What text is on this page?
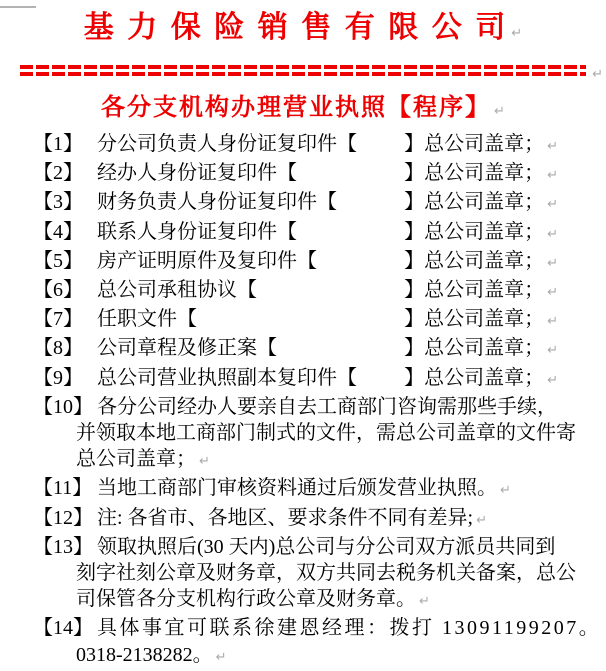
基 力 保 险 销 售 有 限 公 司 ↵
↵
各分支机构办理营业执照【程序】 ↵
【1】 分公司负责人身份证复印件【 】总公司盖章； ↵
【2】 经办人身份证复印件【	】总公司盖章； ↵
【3】 财务负责人身份证复印件【	】总公司盖章； ↵
【4】 联系人身份证复印件【	】总公司盖章； ↵
【5】 房产证明原件及复印件【	】总公司盖章； ↵
【6】 总公司承租协议【	】总公司盖章； ↵
【7】 任职文件【	】总公司盖章； ↵
【8】 公司章程及修正案【	】总公司盖章； ↵
【9】 总公司营业执照副本复印件【 】总公司盖章； ↵
【10】 各分公司经办人要亲自去工商部门咨询需那些手续，
并领取本地工商部门制式的文件，需总公司盖章的文件寄
总公司盖章； ↵
【11】 当地工商部门审核资料通过后颁发营业执照。 ↵
【12】 注: 各省市、各地区、要求条件不同有差异; ↵
【13】 领取执照后(30 天内)总公司与分公司双方派员共同到
刻字社刻公章及财务章，双方共同去税务机关备案，总公
司保管各分支机构行政公章及财务章。 ↵
【14】 具体事宜可联系徐建恩经理：拨打 13091199207。
0318-2138282。 ↵
